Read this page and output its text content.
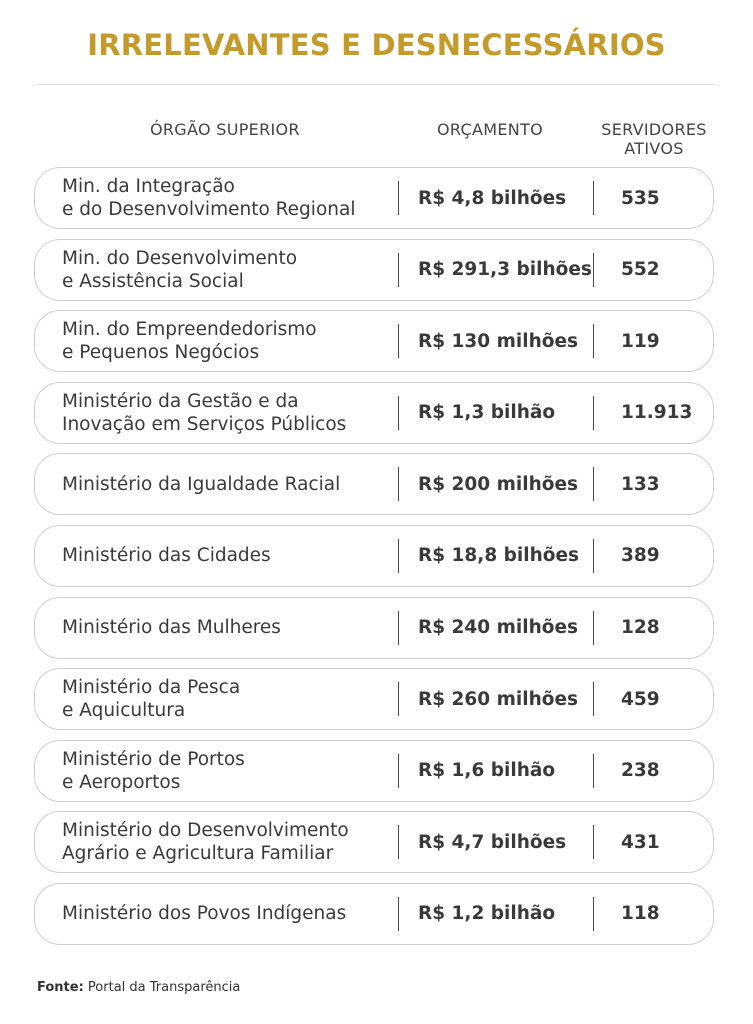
IRRELEVANTES E DESNECESSÁRIOS
ÓRGÃO SUPERIOR	ORÇAMENTO	SERVIDORES
ATIVOS
Min. da Integração
e do Desenvolvimento Regional
R$ 4,8 bilhões	535
Min. do Desenvolvimento
e Assistência Social
R$ 291,3 bilhões 552
Min. do Empreendedorismo
e Pequenos Negócios
R$ 130 milhões 119
Ministério da Gestão e da
Inovação em Serviços Públicos
R$ 1,3 bilhão	11.913
Ministério da Igualdade Racial	R$ 200 milhões 133
Ministério das Cidades	R$ 18,8 bilhões 389
Ministério das Mulheres	R$ 240 milhões 128
Ministério da Pesca
e Aquicultura
R$ 260 milhões 459
Ministério de Portos
e Aeroportos
R$ 1,6 bilhão	238
Ministério do Desenvolvimento
Agrário e Agricultura Familiar
R$ 4,7 bilhões	431
Ministério dos Povos Indígenas	R$ 1,2 bilhão	118
Fonte: Portal da Transparência
